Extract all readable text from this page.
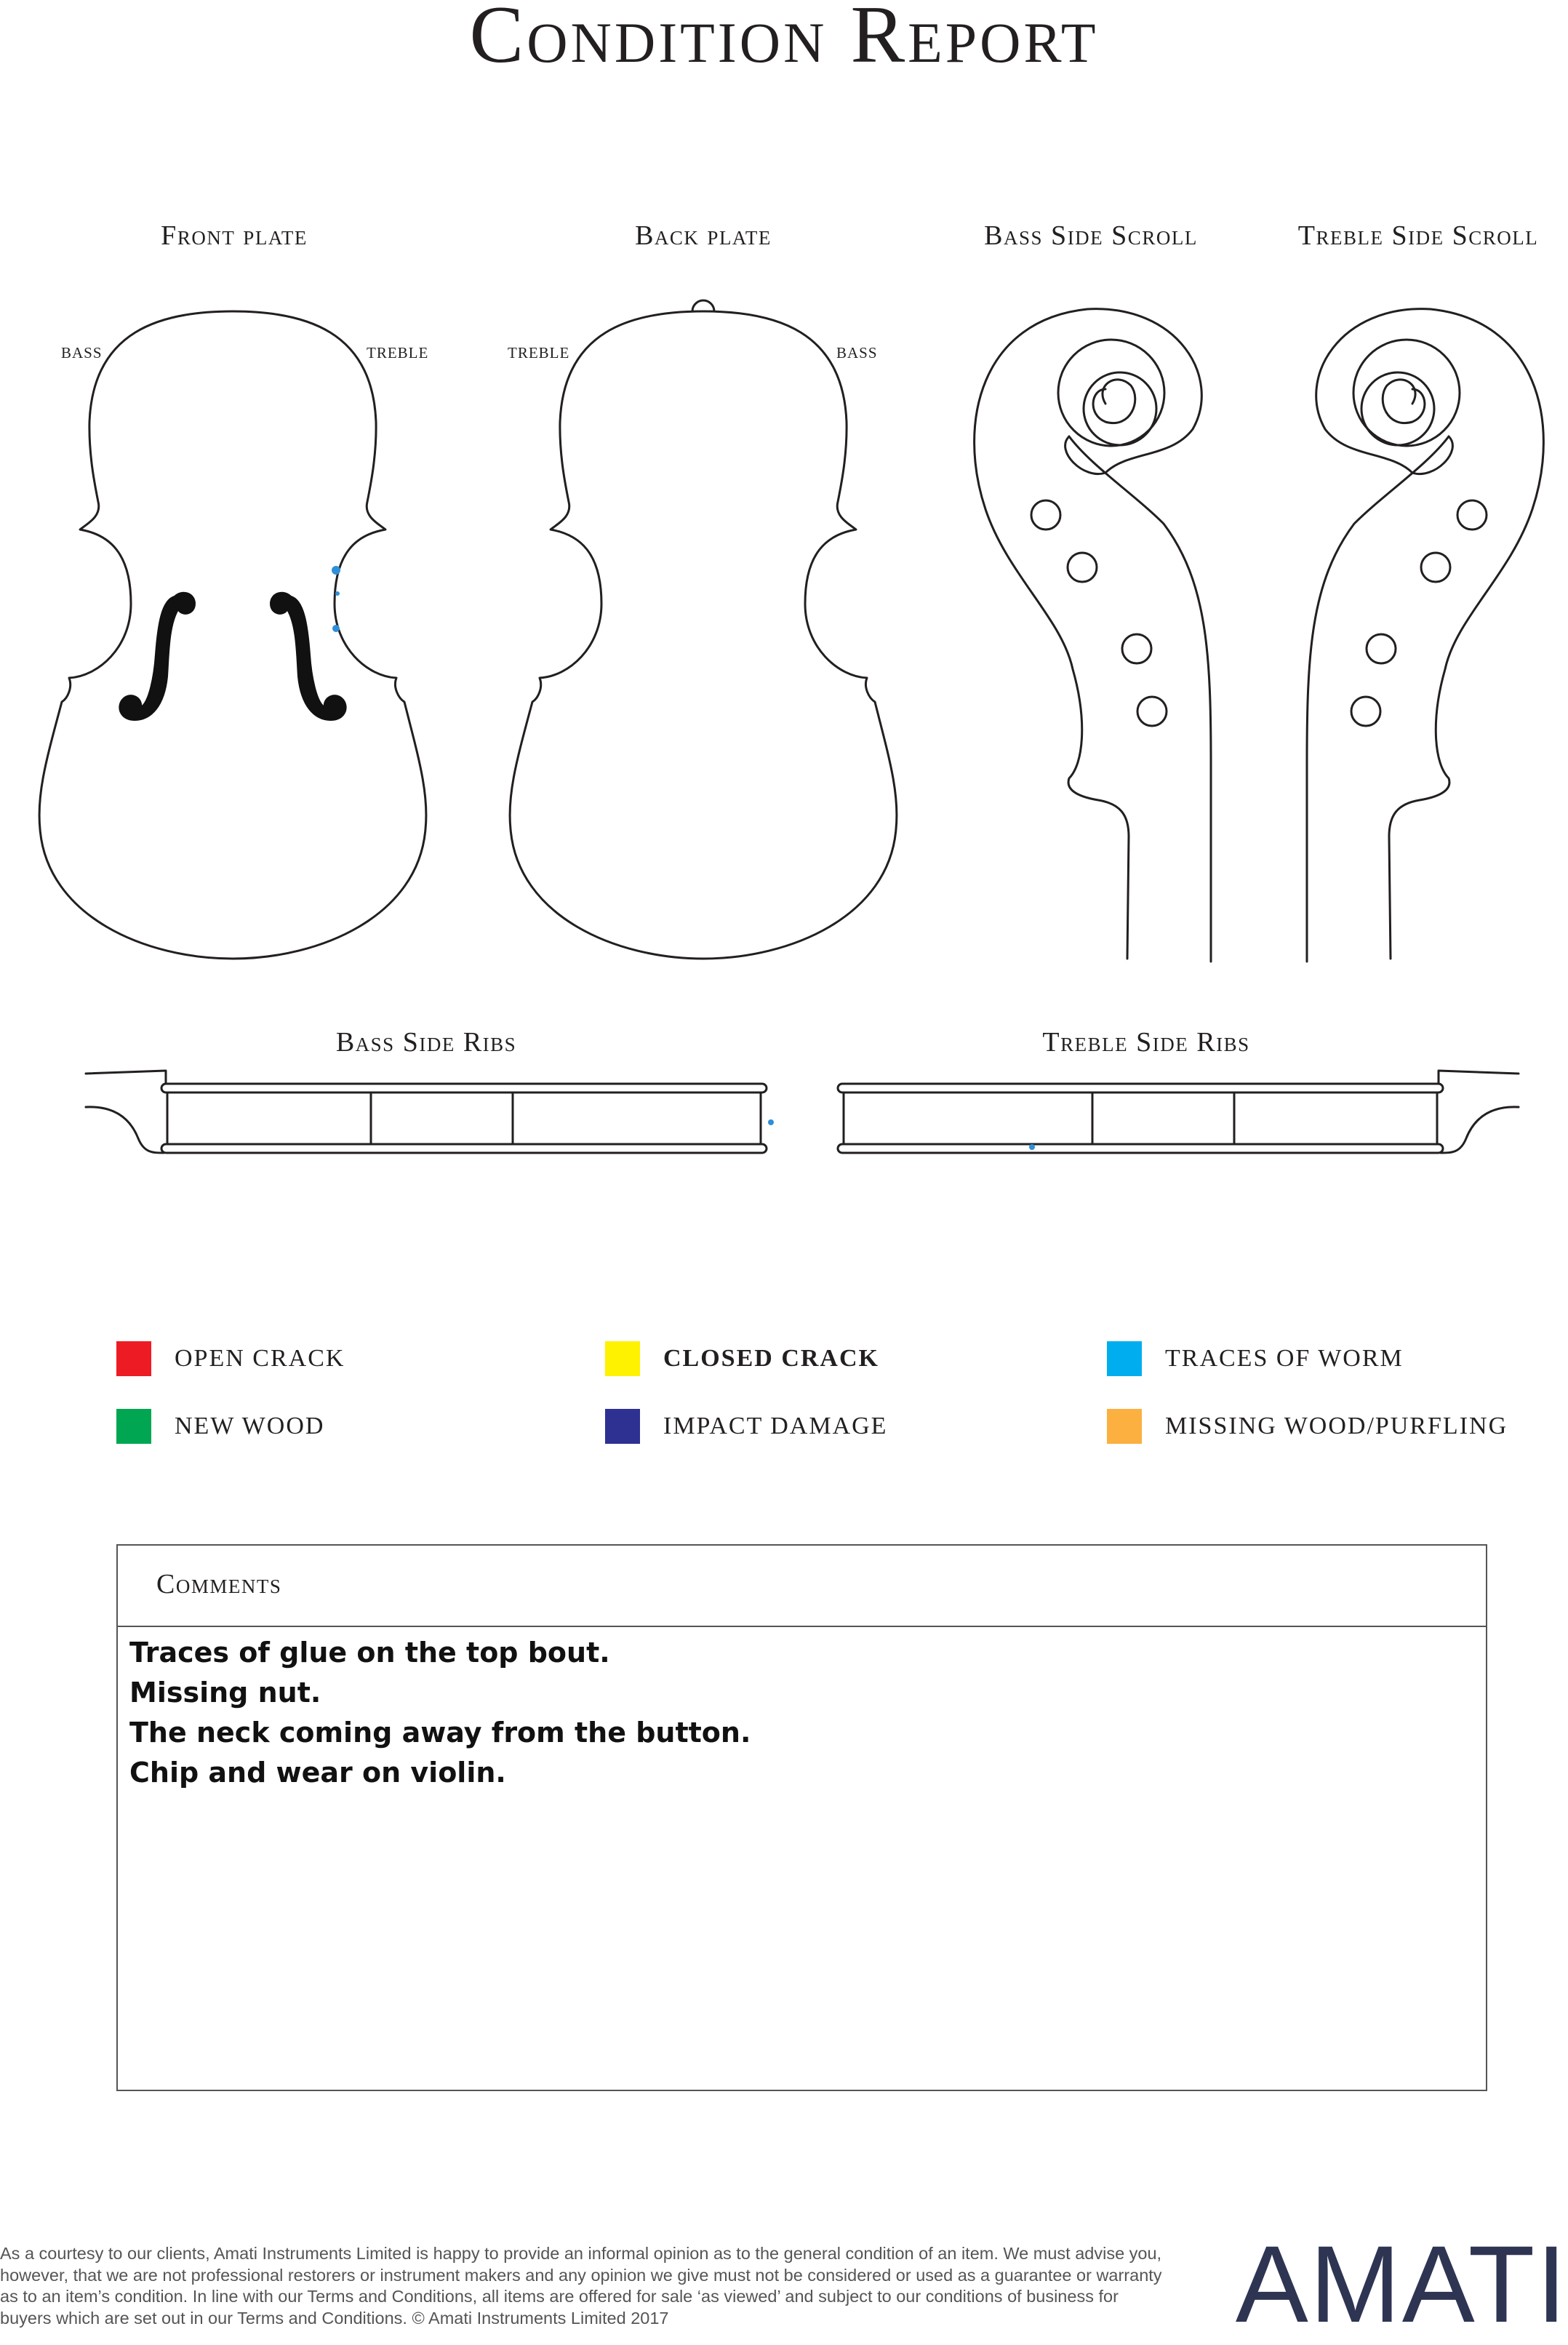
Condition Report
Front plate	Back plate	Bass Side Scroll	Treble Side Scroll
Bass Side Ribs	Treble Side Ribs
BASS	TREBLE	TREBLE	BASS
OPEN CRACK	CLOSED CRACK	TRACES OF WORM
NEW WOOD	IMPACT DAMAGE	MISSING WOOD/PURFLING
Comments
Traces of glue on the top bout.
Missing nut.
The neck coming away from the button.
Chip and wear on violin.

As a courtesy to our clients, Amati Instruments Limited is happy to provide an informal opinion as to the general condition of an item. We must advise you, however, that we are not professional restorers or instrument makers and any opinion we give must not be considered or used as a guarantee or warranty as to an item’s condition. In line with our Terms and Conditions, all items are offered for sale ‘as viewed’ and subject to our conditions of business for buyers which are set out in our Terms and Conditions. © Amati Instruments Limited 2017	AMATI
